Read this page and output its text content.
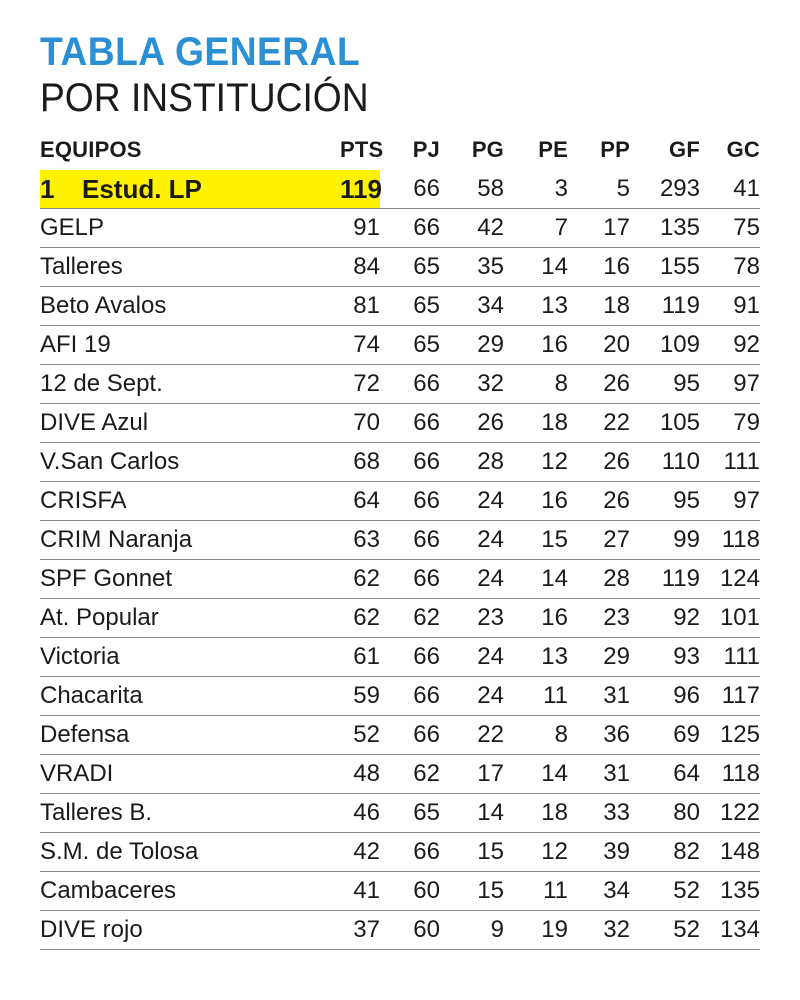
TABLA GENERAL
POR INSTITUCIÓN
EQUIPOS	PTS	PJ	PG	PE	PP	GF	GC
1 Estud. LP	119	66	58	3	5	293	41
GELP	91	66	42	7	17	135	75
Talleres	84	65	35	14	16	155	78
Beto Avalos	81	65	34	13	18	119	91
AFI 19	74	65	29	16	20	109	92
12 de Sept.	72	66	32	8	26	95	97
DIVE Azul	70	66	26	18	22	105	79
V.San Carlos	68	66	28	12	26	110	111
CRISFA	64	66	24	16	26	95	97
CRIM Naranja	63	66	24	15	27	99	118
SPF Gonnet	62	66	24	14	28	119	124
At. Popular	62	62	23	16	23	92	101
Victoria	61	66	24	13	29	93	111
Chacarita	59	66	24	11	31	96	117
Defensa	52	66	22	8	36	69	125
VRADI	48	62	17	14	31	64	118
Talleres B.	46	65	14	18	33	80	122
S.M. de Tolosa	42	66	15	12	39	82	148
Cambaceres	41	60	15	11	34	52	135
DIVE rojo	37	60	9	19	32	52	134
